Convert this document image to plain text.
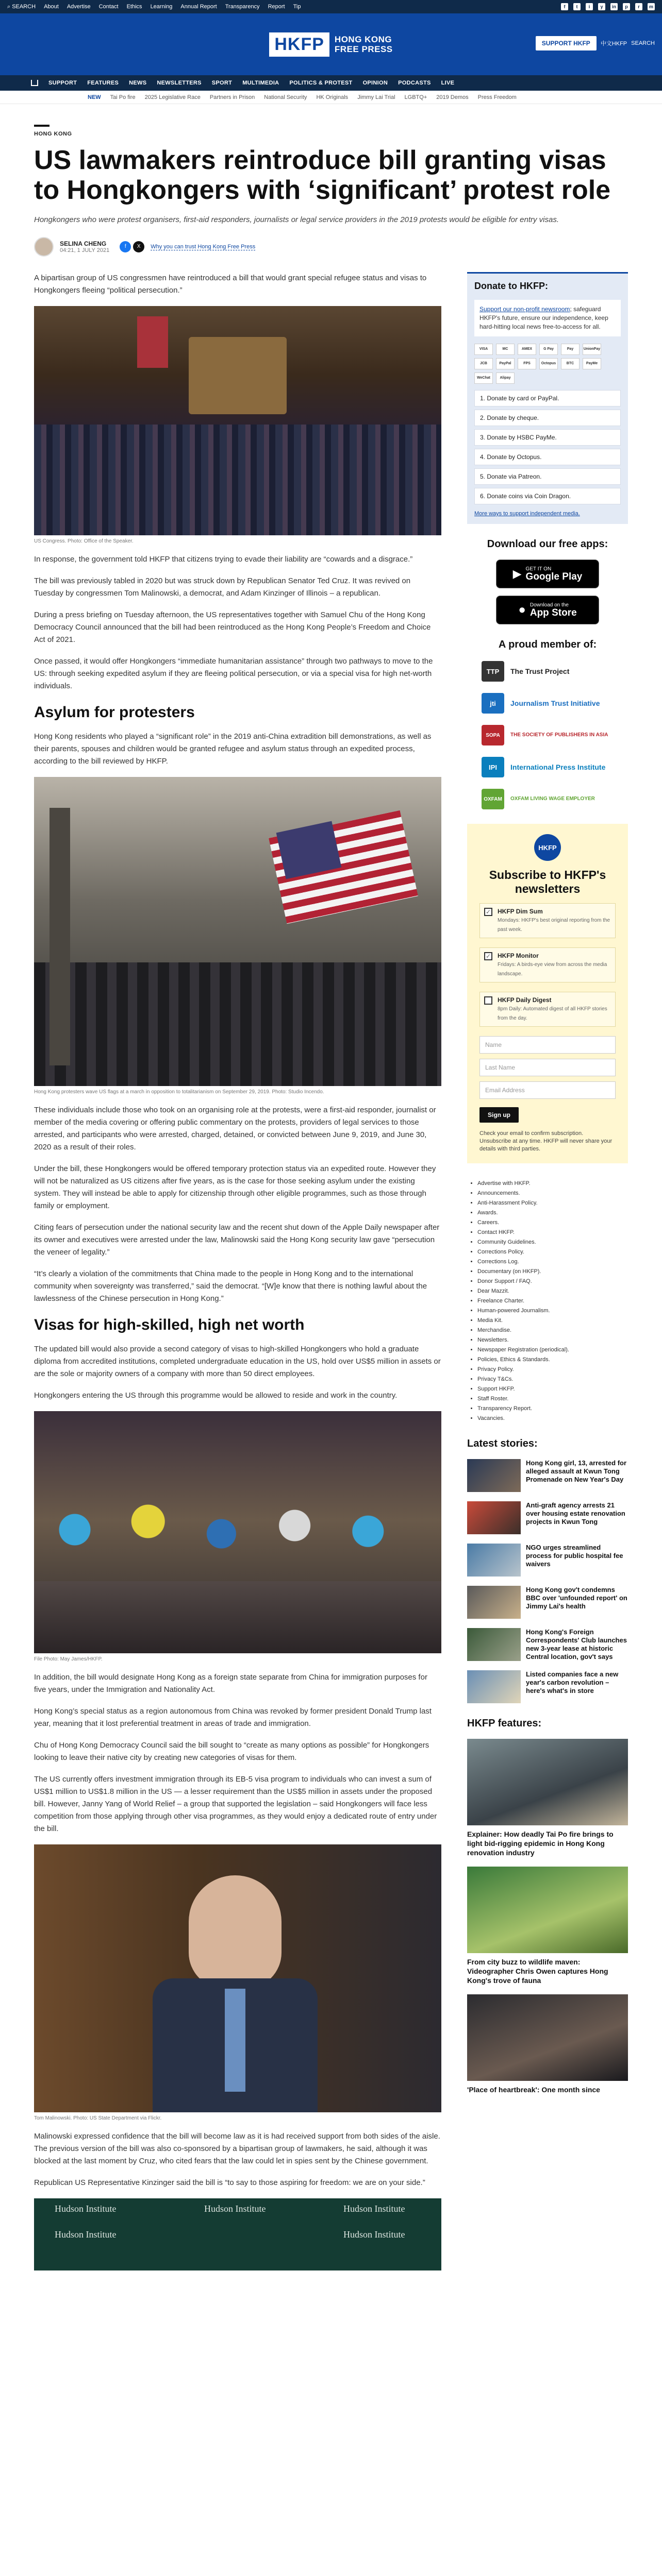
⌕ SEARCH About Advertise Contact Ethics Learning Annual Report Transparency Report Tip	f	t	i	y	in	p	r	m
HKFP	HONG KONG
FREE PRESS
SUPPORT HKFP	中文HKFP SEARCH
SUPPORT FEATURES NEWS NEWSLETTERS SPORT MULTIMEDIA POLITICS & PROTEST OPINION PODCASTS LIVE
NEW Tai Po fire 2025 Legislative Race Partners in Prison National Security HK Originals Jimmy Lai Trial LGBTQ+ 2019 Demos Press Freedom
HONG KONG
US lawmakers reintroduce bill granting visas to Hongkongers with ‘significant’ protest role

Hongkongers who were protest organisers, first-aid responders, journalists or legal service providers in the 2019 protests would be eligible for entry visas.

SELINA CHENG
04:21, 1 JULY 2021
f	X	Why you can trust Hong Kong Free Press

A bipartisan group of US congressmen have reintroduced a bill that would grant special refugee status and visas to Hongkongers fleeing “political persecution.”

US Congress. Photo: Office of the Speaker.

In response, the government told HKFP that citizens trying to evade their liability are “cowards and a disgrace.”

The bill was previously tabled in 2020 but was struck down by Republican Senator Ted Cruz. It was revived on Tuesday by congressmen Tom Malinowski, a democrat, and Adam Kinzinger of Illinois – a republican.

During a press briefing on Tuesday afternoon, the US representatives together with Samuel Chu of the Hong Kong Democracy Council announced that the bill had been reintroduced as the Hong Kong People’s Freedom and Choice Act of 2021.

Once passed, it would offer Hongkongers “immediate humanitarian assistance” through two pathways to move to the US: through seeking expedited asylum if they are fleeing political persecution, or via a special visa for high net-worth individuals.

Asylum for protesters

Hong Kong residents who played a “significant role” in the 2019 anti-China extradition bill demonstrations, as well as their parents, spouses and children would be granted refugee and asylum status through an expedited process, according to the bill reviewed by HKFP.

Hong Kong protesters wave US flags at a march in opposition to totalitarianism on September 29, 2019. Photo: Studio Incendo.

These individuals include those who took on an organising role at the protests, were a first-aid responder, journalist or member of the media covering or offering public commentary on the protests, providers of legal services to those arrested, and participants who were arrested, charged, detained, or convicted between June 9, 2019, and June 30, 2020 as a result of their roles.

Under the bill, these Hongkongers would be offered temporary protection status via an expedited route. However they will not be naturalized as US citizens after five years, as is the case for those seeking asylum under the existing system. They will instead be able to apply for citizenship through other eligible programmes, such as those through family or employment.

Citing fears of persecution under the national security law and the recent shut down of the Apple Daily newspaper after its owner and executives were arrested under the law, Malinowski said the Hong Kong security law gave “persecution the veneer of legality.”

“It’s clearly a violation of the commitments that China made to the people in Hong Kong and to the international community when sovereignty was transferred,” said the democrat. “[W]e know that there is nothing lawful about the lawlessness of the Chinese persecution in Hong Kong.”

Visas for high-skilled, high net worth

The updated bill would also provide a second category of visas to high-skilled Hongkongers who hold a graduate diploma from accredited institutions, completed undergraduate education in the US, hold over US$5 million in assets or are the sole or majority owners of a company with more than 50 direct employees.

Hongkongers entering the US through this programme would be allowed to reside and work in the country.

File Photo: May James/HKFP.

In addition, the bill would designate Hong Kong as a foreign state separate from China for immigration purposes for five years, under the Immigration and Nationality Act.

Hong Kong’s special status as a region autonomous from China was revoked by former president Donald Trump last year, meaning that it lost preferential treatment in areas of trade and immigration.

Chu of Hong Kong Democracy Council said the bill sought to “create as many options as possible” for Hongkongers looking to leave their native city by creating new categories of visas for them.

The US currently offers investment immigration through its EB-5 visa program to individuals who can invest a sum of US$1 million to US$1.8 million in the US — a lesser requirement than the US$5 million in assets under the proposed bill. However, Janny Yang of World Relief – a group that supported the legislation – said Hongkongers will face less competition from those applying through other visa programmes, as they would enjoy a dedicated route of entry under the bill.

Tom Malinowski. Photo: US State Department via Flickr.

Malinowski expressed confidence that the bill will become law as it is had received support from both sides of the aisle. The previous version of the bill was also co-sponsored by a bipartisan group of lawmakers, he said, although it was blocked at the last moment by Cruz, who cited fears that the law could let in spies sent by the Chinese government.

Republican US Representative Kinzinger said the bill is “to say to those aspiring for freedom: we are on your side.”

Hudson Institute	Hudson Institute	Hudson Institute
Hudson Institute	Hudson Institute
Donate to HKFP:
Support our non-profit newsroom; safeguard HKFP's future, ensure our independence, keep hard-hitting local news free-to-access for all.
VISA	MC	AMEX	G Pay	Pay	UnionPay
JCB	PayPal	FPS	Octopus	BTC	PayMe
WeChat	Alipay
1. Donate by card or PayPal.
2. Donate by cheque.
3. Donate by HSBC PayMe.
4. Donate by Octopus.
5. Donate via Patreon.
6. Donate coins via Coin Dragon.
More ways to support independent media.
Download our free apps:
▶ GET IT ON
Google Play
● Download on the
App Store
A proud member of:
TTP	The Trust Project
jti	Journalism Trust Initiative
SOPA	THE SOCIETY OF PUBLISHERS IN ASIA
IPI	International Press Institute
OXFAM	OXFAM LIVING WAGE EMPLOYER
HKFP
Subscribe to HKFP's newsletters
✓ HKFP Dim Sum
Mondays: HKFP's best original reporting from the past week.
✓ HKFP Monitor
Fridays: A birds-eye view from across the media landscape.
HKFP Daily Digest
8pm Daily: Automated digest of all HKFP stories from the day.
Name
Last Name
Email Address
Sign up

Check your email to confirm subscription. Unsubscribe at any time. HKFP will never share your details with third parties.

• Advertise with HKFP.
• Announcements.
• Anti-Harassment Policy.
• Awards.
• Careers.
• Contact HKFP.
• Community Guidelines.
• Corrections Policy.
• Corrections Log.
• Documentary (on HKFP).
• Donor Support / FAQ.
• Dear Mazzit.
• Freelance Charter.
• Human-powered Journalism.
• Media Kit.
• Merchandise.
• Newsletters.
• Newspaper Registration (periodical).
• Policies, Ethics & Standards.
• Privacy Policy.
• Privacy T&Cs.
• Support HKFP.
• Staff Roster.
• Transparency Report.
• Vacancies.
Latest stories:
Hong Kong girl, 13, arrested for alleged assault at Kwun Tong Promenade on New Year's Day
Anti-graft agency arrests 21 over housing estate renovation projects in Kwun Tong
NGO urges streamlined process for public hospital fee waivers
Hong Kong gov't condemns BBC over 'unfounded report' on Jimmy Lai's health
Hong Kong's Foreign Correspondents' Club launches new 3-year lease at historic Central location, gov't says
Listed companies face a new year's carbon revolution – here's what's in store
HKFP features:
Explainer: How deadly Tai Po fire brings to light bid-rigging epidemic in Hong Kong renovation industry
From city buzz to wildlife maven: Videographer Chris Owen captures Hong Kong's trove of fauna
'Place of heartbreak': One month since
